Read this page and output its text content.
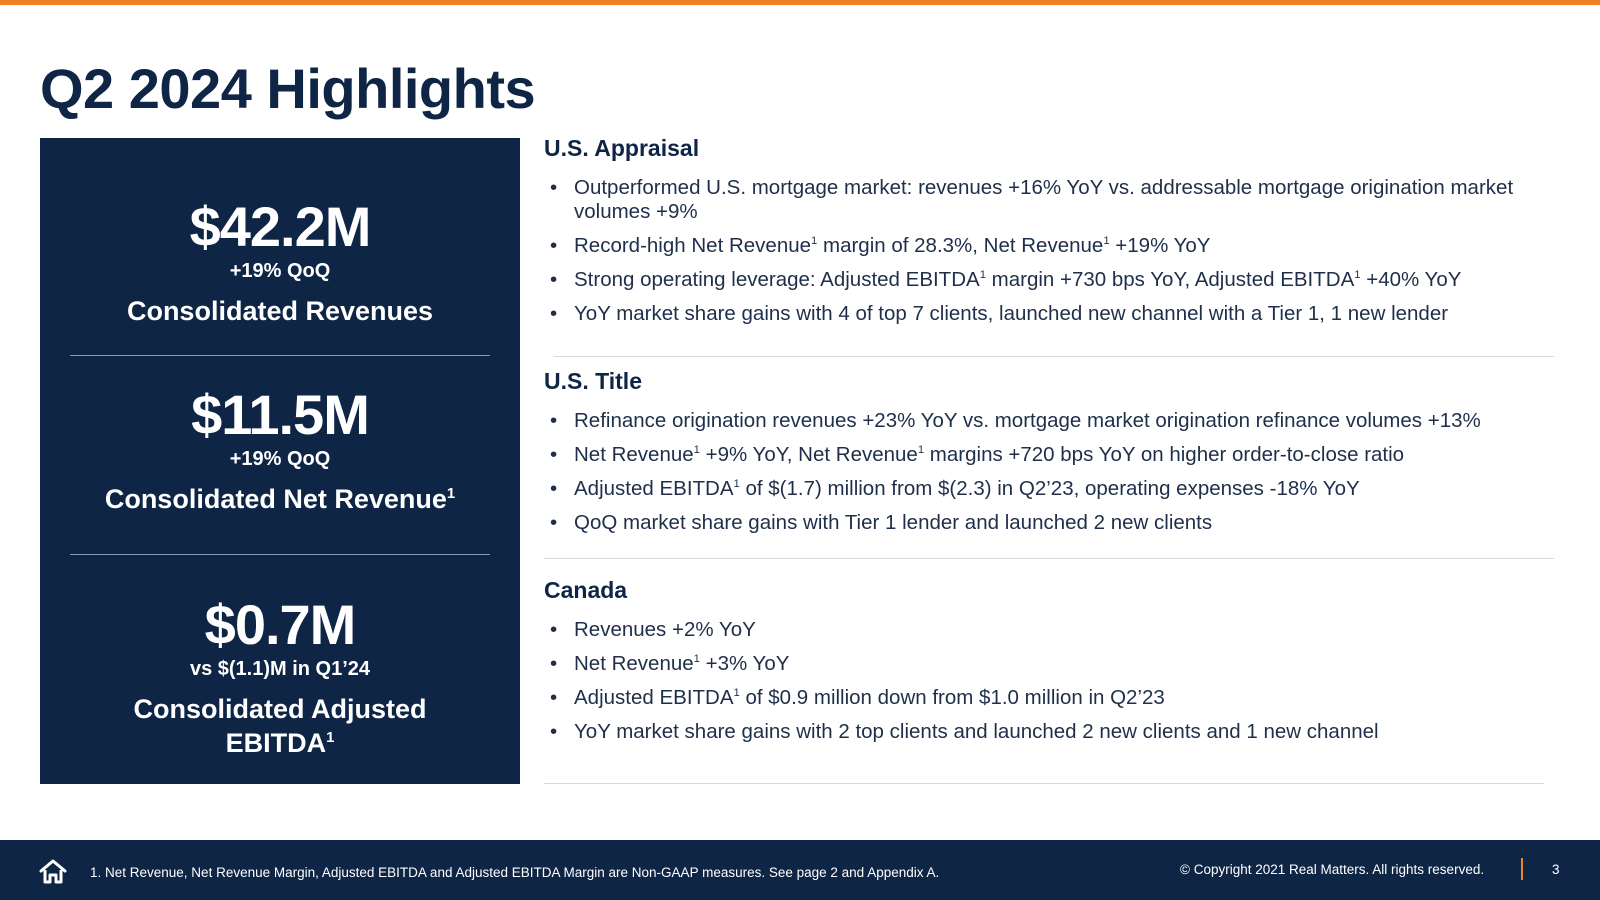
Q2 2024 Highlights
$42.2M
+19% QoQ
Consolidated Revenues
$11.5M
+19% QoQ
Consolidated Net Revenue$^1$
$0.7M
vs $(1.1)M in Q1’24
Consolidated Adjusted
EBITDA$^1$
U.S. Appraisal
• Outperformed U.S. mortgage market: revenues +16% YoY vs. addressable mortgage origination market volumes +9%
• Record-high Net Revenue$^1$ margin of 28.3%, Net Revenue$^1$ +19% YoY
• Strong operating leverage: Adjusted EBITDA$^1$ margin +730 bps YoY, Adjusted $EBITDA^1 +40\%$ YoY
• YoY market share gains with 4 of top 7 clients, launched new channel with a Tier 1, 1 new lender
U.S. Title
• Refinance origination revenues +23% YoY vs. mortgage market origination refinance volumes +13%
• Net Revenue$^1$ +9% YoY, Net Revenue$^1$ margins +720 bps YoY on higher order-to-close ratio
• Adjusted EBITDA$^1$ of $(1.7) million from $(2.3) in Q2’23, operating expenses -18% YoY
• QoQ market share gains with Tier 1 lender and launched 2 new clients
Canada
• Revenues +2% YoY
• Net Revenue$^1$ +3% YoY
• Adjusted EBITDA$^1$ of $0.9 million down from $1.0 million in Q2’23
• YoY market share gains with 2 top clients and launched 2 new clients and 1 new channel
1. Net Revenue, Net Revenue Margin, Adjusted EBITDA and Adjusted EBITDA Margin are Non-GAAP measures. See page 2 and Appendix A.	© Copyright 2021 Real Matters. All rights reserved.	3
